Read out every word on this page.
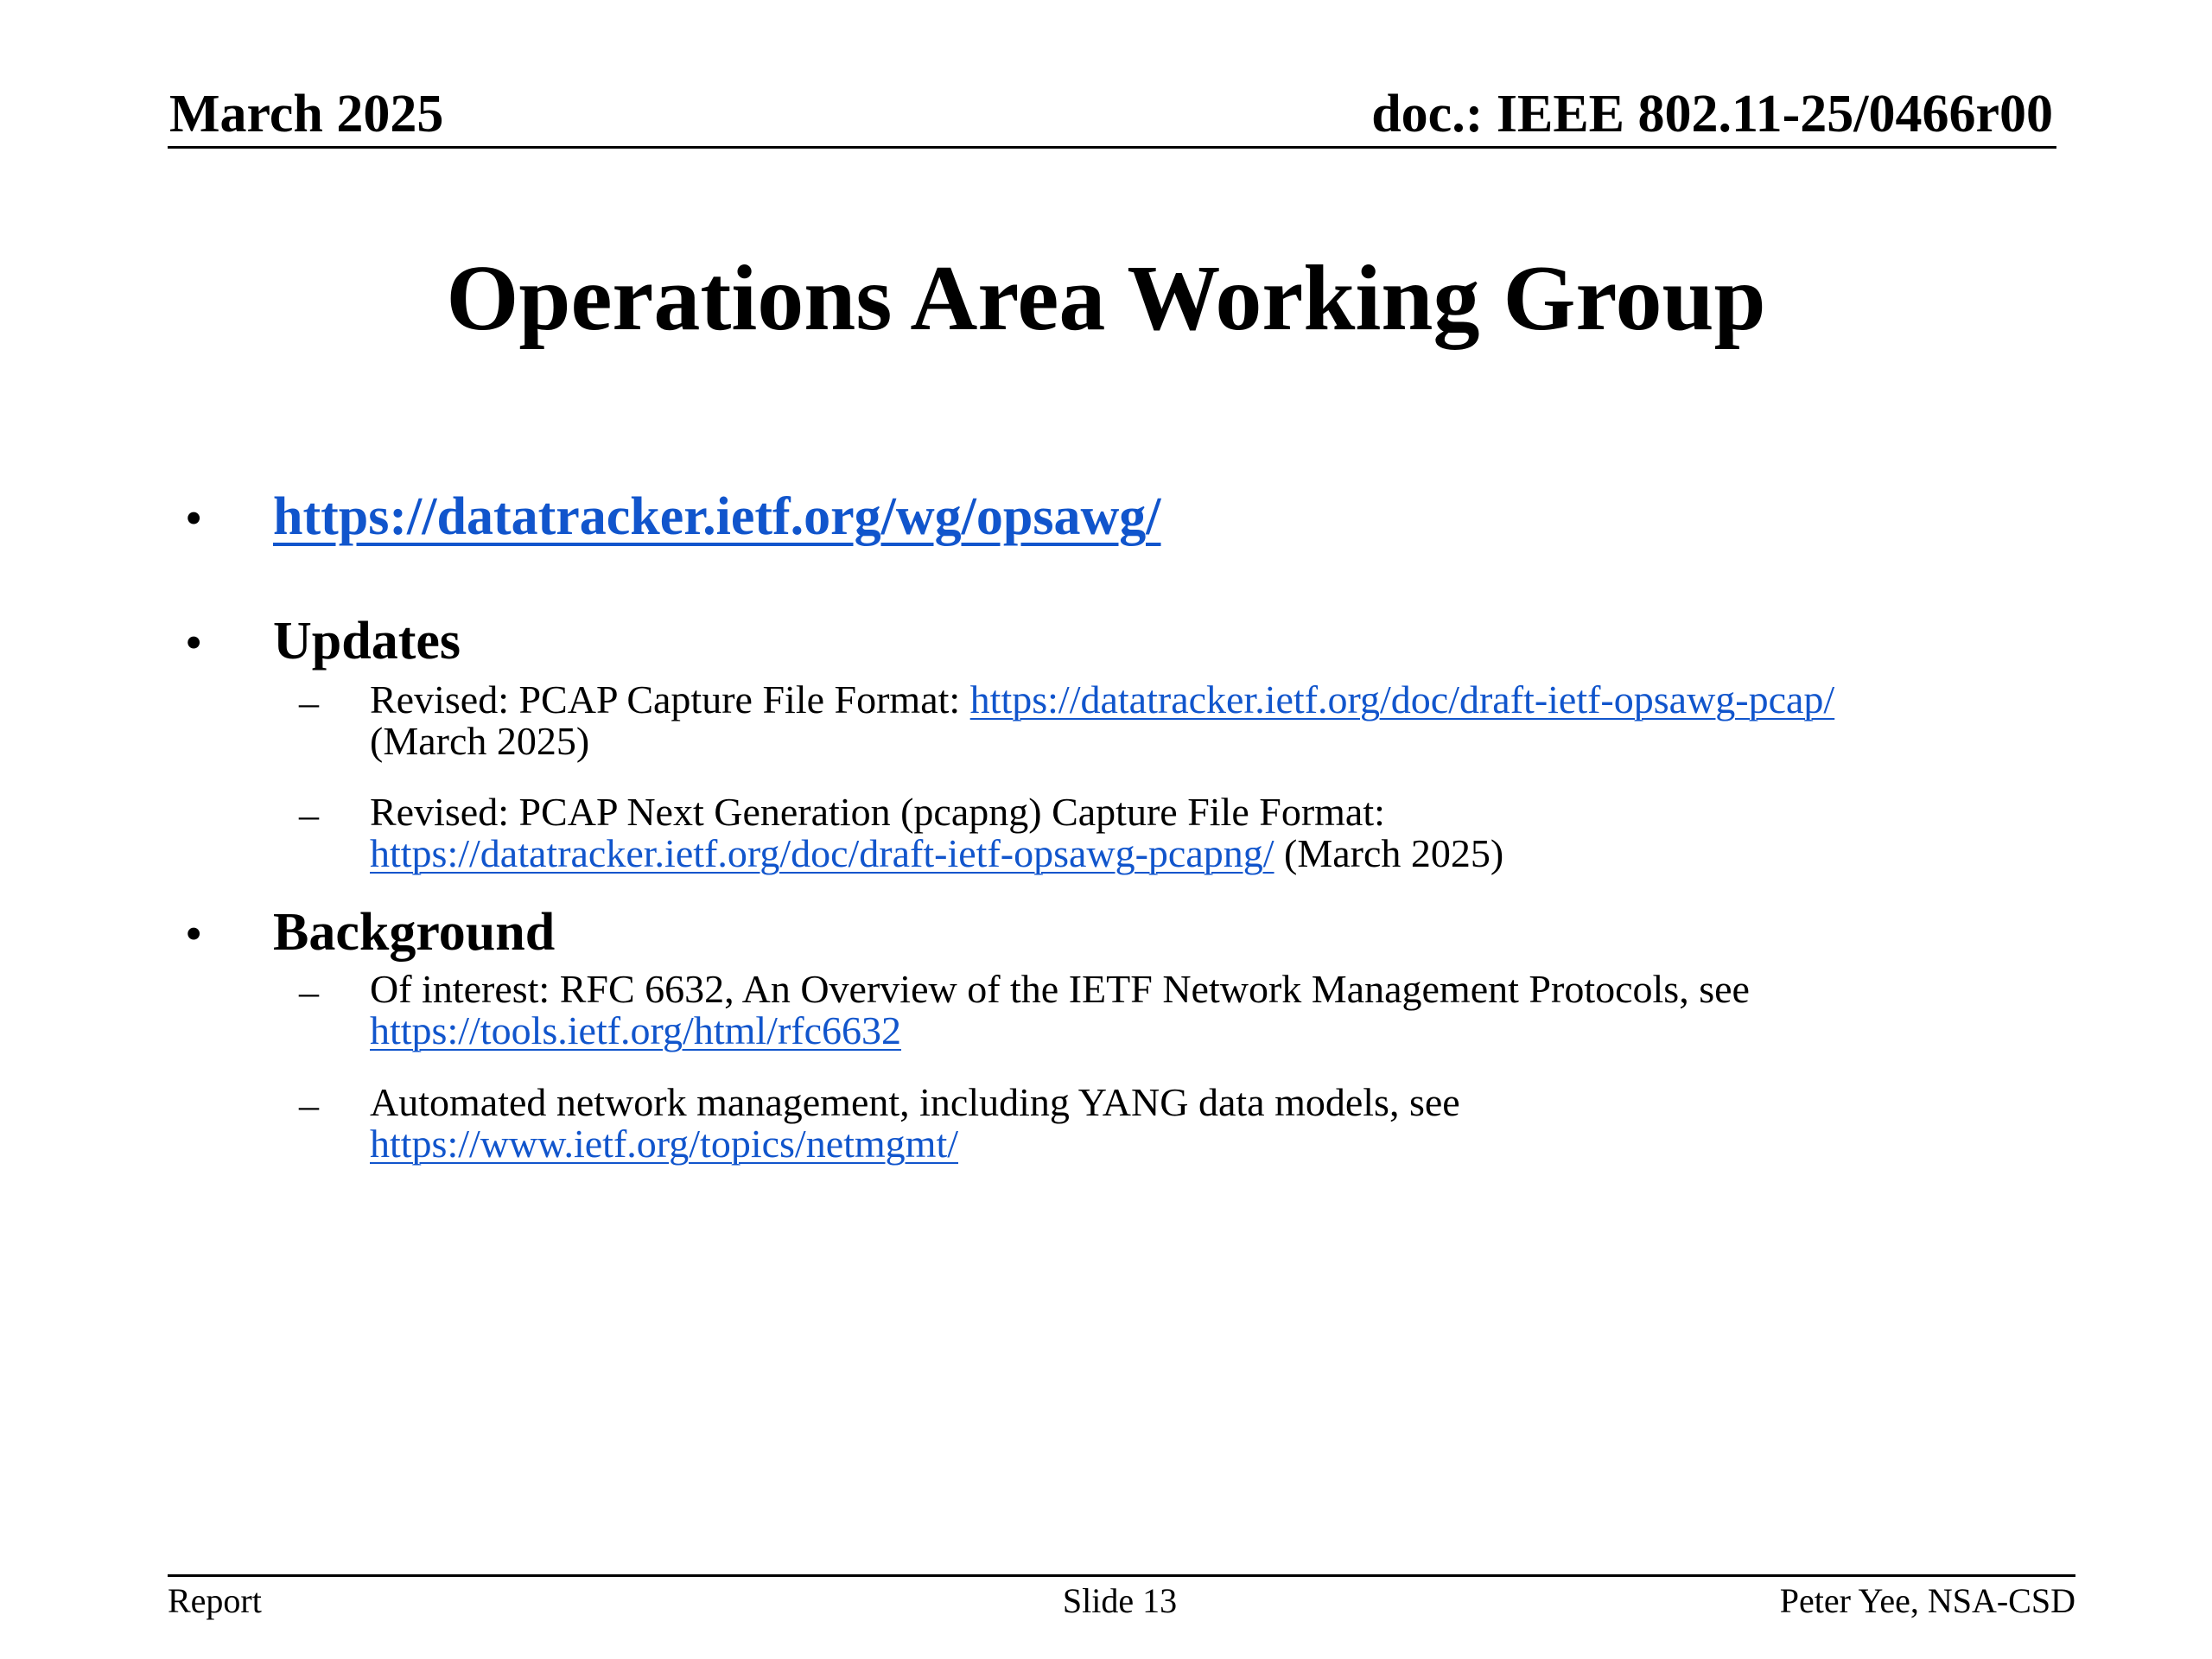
March 2025	doc.: IEEE 802.11-25/0466r00
Operations Area Working Group
• https://datatracker.ietf.org/wg/opsawg/
• Updates
– Revised: PCAP Capture File Format: https://datatracker.ietf.org/doc/draft-ietf-opsawg-pcap/
(March 2025)
– Revised: PCAP Next Generation (pcapng) Capture File Format:
https://datatracker.ietf.org/doc/draft-ietf-opsawg-pcapng/ (March 2025)
• Background
– Of interest: RFC 6632, An Overview of the IETF Network Management Protocols, see
https://tools.ietf.org/html/rfc6632
– Automated network management, including YANG data models, see
https://www.ietf.org/topics/netmgmt/
Report	Slide 13	Peter Yee, NSA-CSD
